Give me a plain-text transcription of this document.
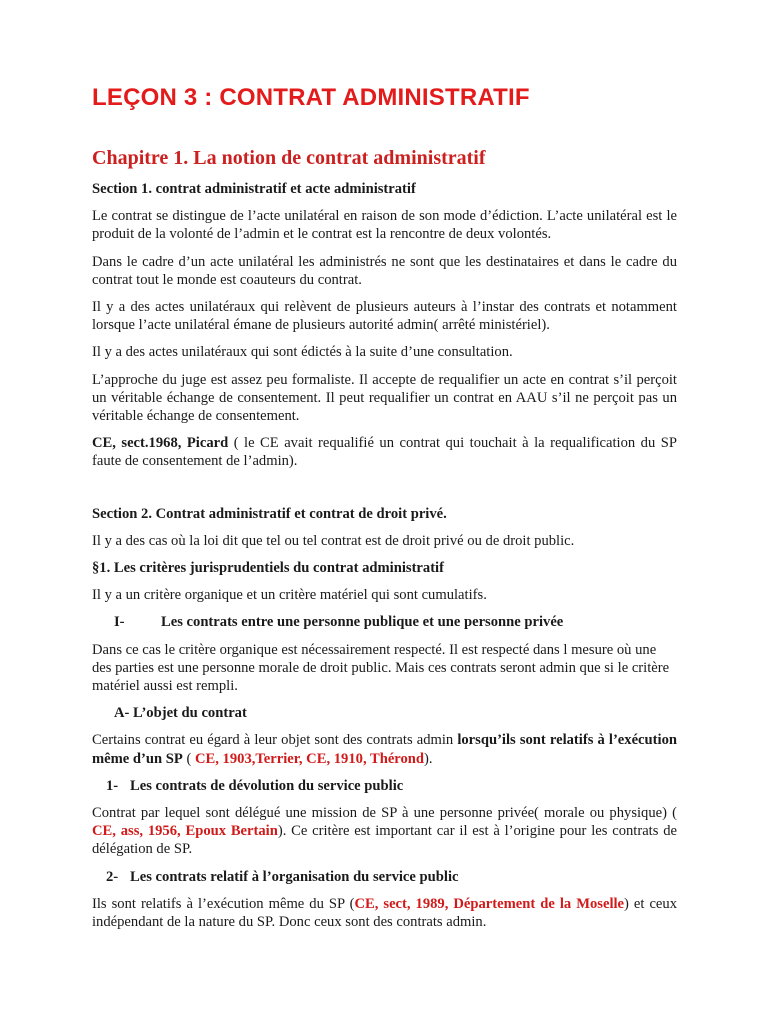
LEÇON 3 : CONTRAT ADMINISTRATIF
Chapitre 1. La notion de contrat administratif
Section 1. contrat administratif et acte administratif

Le contrat se distingue de l’acte unilatéral en raison de son mode d’édiction. L’acte unilatéral est le produit de la volonté de l’admin et le contrat est la rencontre de deux volontés.

Dans le cadre d’un acte unilatéral les administrés ne sont que les destinataires et dans le cadre du contrat tout le monde est coauteurs du contrat.

Il y a des actes unilatéraux qui relèvent de plusieurs auteurs à l’instar des contrats et notamment lorsque l’acte unilatéral émane de plusieurs autorité admin( arrêté ministériel).

Il y a des actes unilatéraux qui sont édictés à la suite d’une consultation.

L’approche du juge est assez peu formaliste. Il accepte de requalifier un acte en contrat s’il perçoit un véritable échange de consentement. Il peut requalifier un contrat en AAU s’il ne perçoit pas un véritable échange de consentement.

CE, sect.1968, Picard ( le CE avait requalifié un contrat qui touchait à la requalification du SP faute de consentement de l’admin).

Section 2. Contrat administratif et contrat de droit privé.

Il y a des cas où la loi dit que tel ou tel contrat est de droit privé ou de droit public.

§1. Les critères jurisprudentiels du contrat administratif

Il y a un critère organique et un critère matériel qui sont cumulatifs.

I- Les contrats entre une personne publique et une personne privée

Dans ce cas le critère organique est nécessairement respecté. Il est respecté dans l mesure où une des parties est une personne morale de droit public. Mais ces contrats seront admin que si le critère matériel aussi est rempli.

A- L’objet du contrat

Certains contrat eu égard à leur objet sont des contrats admin lorsqu’ils sont relatifs à l’exécution même d’un SP ( CE, 1903,Terrier, CE, 1910, Thérond).

1- Les contrats de dévolution du service public

Contrat par lequel sont délégué une mission de SP à une personne privée( morale ou physique) ( CE, ass, 1956, Epoux Bertain). Ce critère est important car il est à l’origine pour les contrats de délégation de SP.

2- Les contrats relatif à l’organisation du service public

Ils sont relatifs à l’exécution même du SP (CE, sect, 1989, Département de la Moselle) et ceux indépendant de la nature du SP. Donc ceux sont des contrats admin.
